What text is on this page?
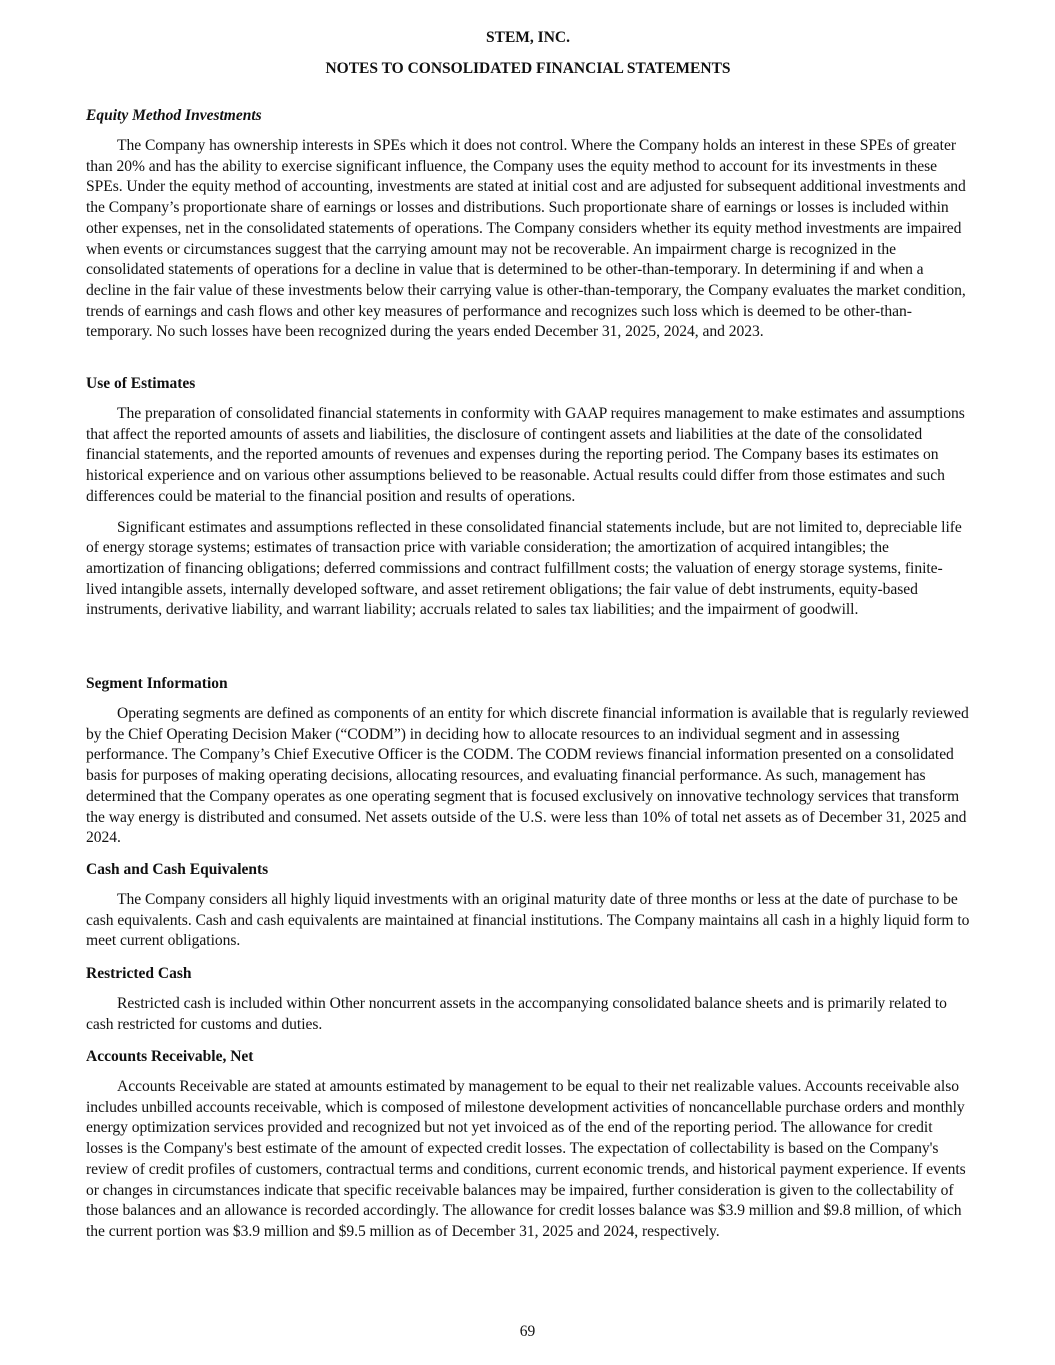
STEM, INC.
NOTES TO CONSOLIDATED FINANCIAL STATEMENTS
Equity Method Investments

The Company has ownership interests in SPEs which it does not control. Where the Company holds an interest in these SPEs of greater than 20% and has the ability to exercise significant influence, the Company uses the equity method to account for its investments in these SPEs. Under the equity method of accounting, investments are stated at initial cost and are adjusted for subsequent additional investments and the Company’s proportionate share of earnings or losses and distributions. Such proportionate share of earnings or losses is included within other expenses, net in the consolidated statements of operations. The Company considers whether its equity method investments are impaired when events or circumstances suggest that the carrying amount may not be recoverable. An impairment charge is recognized in the consolidated statements of operations for a decline in value that is determined to be other-than-temporary. In determining if and when a decline in the fair value of these investments below their carrying value is other-than-temporary, the Company evaluates the market condition, trends of earnings and cash flows and other key measures of performance and recognizes such loss which is deemed to be other-than-temporary. No such losses have been recognized during the years ended December 31, 2025, 2024, and 2023.

Use of Estimates

The preparation of consolidated financial statements in conformity with GAAP requires management to make estimates and assumptions that affect the reported amounts of assets and liabilities, the disclosure of contingent assets and liabilities at the date of the consolidated financial statements, and the reported amounts of revenues and expenses during the reporting period. The Company bases its estimates on historical experience and on various other assumptions believed to be reasonable. Actual results could differ from those estimates and such differences could be material to the financial position and results of operations.

Significant estimates and assumptions reflected in these consolidated financial statements include, but are not limited to, depreciable life of energy storage systems; estimates of transaction price with variable consideration; the amortization of acquired intangibles; the amortization of financing obligations; deferred commissions and contract fulfillment costs; the valuation of energy storage systems, finite-lived intangible assets, internally developed software, and asset retirement obligations; the fair value of debt instruments, equity-based instruments, derivative liability, and warrant liability; accruals related to sales tax liabilities; and the impairment of goodwill.

Segment Information

Operating segments are defined as components of an entity for which discrete financial information is available that is regularly reviewed by the Chief Operating Decision Maker (“CODM”) in deciding how to allocate resources to an individual segment and in assessing performance. The Company’s Chief Executive Officer is the CODM. The CODM reviews financial information presented on a consolidated basis for purposes of making operating decisions, allocating resources, and evaluating financial performance. As such, management has determined that the Company operates as one operating segment that is focused exclusively on innovative technology services that transform the way energy is distributed and consumed. Net assets outside of the U.S. were less than 10% of total net assets as of December 31, 2025 and 2024.

Cash and Cash Equivalents

The Company considers all highly liquid investments with an original maturity date of three months or less at the date of purchase to be cash equivalents. Cash and cash equivalents are maintained at financial institutions. The Company maintains all cash in a highly liquid form to meet current obligations.

Restricted Cash

Restricted cash is included within Other noncurrent assets in the accompanying consolidated balance sheets and is primarily related to cash restricted for customs and duties.

Accounts Receivable, Net

Accounts Receivable are stated at amounts estimated by management to be equal to their net realizable values. Accounts receivable also includes unbilled accounts receivable, which is composed of milestone development activities of noncancellable purchase orders and monthly energy optimization services provided and recognized but not yet invoiced as of the end of the reporting period. The allowance for credit losses is the Company's best estimate of the amount of expected credit losses. The expectation of collectability is based on the Company's review of credit profiles of customers, contractual terms and conditions, current economic trends, and historical payment experience. If events or changes in circumstances indicate that specific receivable balances may be impaired, further consideration is given to the collectability of those balances and an allowance is recorded accordingly. The allowance for credit losses balance was $3.9 million and $9.8 million, of which the current portion was $3.9 million and $9.5 million as of December 31, 2025 and 2024, respectively.

69
